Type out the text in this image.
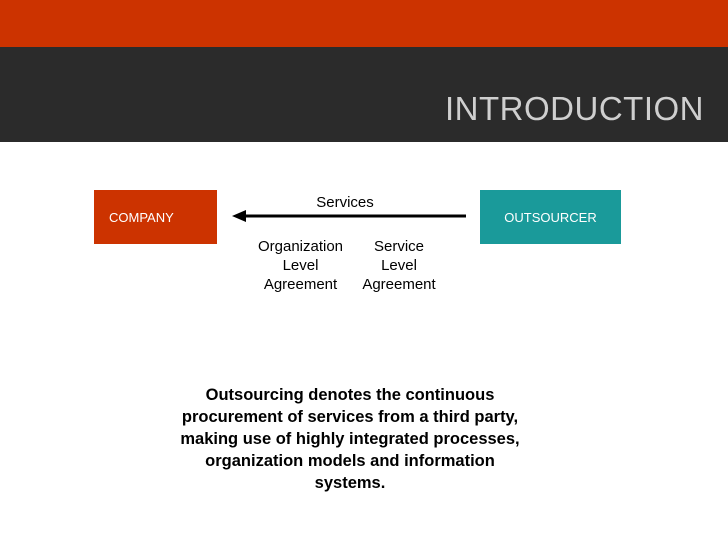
INTRODUCTION
COMPANY	OUTSOURCER
Services
Organization
Level
Agreement
Service
Level
Agreement
Outsourcing denotes the continuous procurement of services from a third party, making use of highly integrated processes, organization models and information systems.
